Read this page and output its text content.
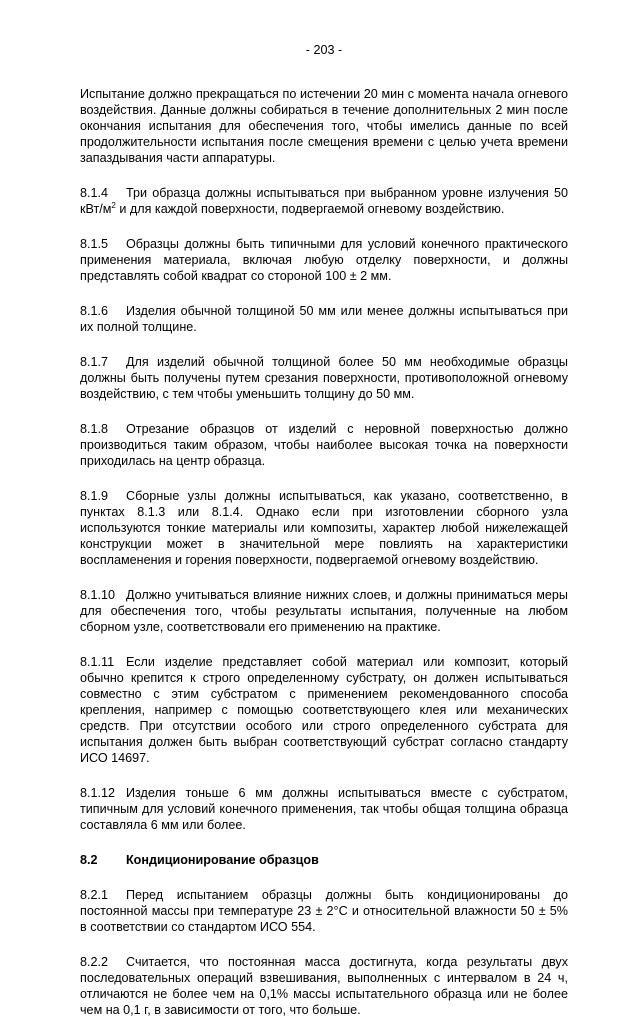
- 203 -

Испытание должно прекращаться по истечении 20 мин с момента начала огневого воздействия. Данные должны собираться в течение дополнительных 2 мин после окончания испытания для обеспечения того, чтобы имелись данные по всей продолжительности испытания после смещения времени с целью учета времени запаздывания части аппаратуры.

8.1.4 Три образца должны испытываться при выбранном уровне излучения 50 кВт/$м^2$ и для каждой поверхности, подвергаемой огневому воздействию.

8.1.5 Образцы должны быть типичными для условий конечного практического применения материала, включая любую отделку поверхности, и должны представлять собой квадрат со стороной 100 ± 2 мм.

8.1.6 Изделия обычной толщиной 50 мм или менее должны испытываться при их полной толщине.

8.1.7 Для изделий обычной толщиной более 50 мм необходимые образцы должны быть получены путем срезания поверхности, противоположной огневому воздействию, с тем чтобы уменьшить толщину до 50 мм.

8.1.8 Отрезание образцов от изделий с неровной поверхностью должно производиться таким образом, чтобы наиболее высокая точка на поверхности приходилась на центр образца.

8.1.9 Сборные узлы должны испытываться, как указано, соответственно, в пунктах 8.1.3 или 8.1.4. Однако если при изготовлении сборного узла используются тонкие материалы или композиты, характер любой нижележащей конструкции может в значительной мере повлиять на характеристики воспламенения и горения поверхности, подвергаемой огневому воздействию.

8.1.10 Должно учитываться влияние нижних слоев, и должны приниматься меры для обеспечения того, чтобы результаты испытания, полученные на любом сборном узле, соответствовали его применению на практике.

8.1.11 Если изделие представляет собой материал или композит, который обычно крепится к строго определенному субстрату, он должен испытываться совместно с этим субстратом с применением рекомендованного способа крепления, например с помощью соответствующего клея или механических средств. При отсутствии особого или строго определенного субстрата для испытания должен быть выбран соответствующий субстрат согласно стандарту ИСО 14697.

8.1.12 Изделия тоньше 6 мм должны испытываться вместе с субстратом, типичным для условий конечного применения, так чтобы общая толщина образца составляла 6 мм или более.

8.2	Кондиционирование образцов

8.2.1 Перед испытанием образцы должны быть кондиционированы до постоянной массы при температуре 23 ± 2°С и относительной влажности 50 ± 5% в соответствии со стандартом ИСО 554.

8.2.2 Считается, что постоянная масса достигнута, когда результаты двух последовательных операций взвешивания, выполненных с интервалом в 24 ч, отличаются не более чем на 0,1% массы испытательного образца или не более чем на 0,1 г, в зависимости от того, что больше.
